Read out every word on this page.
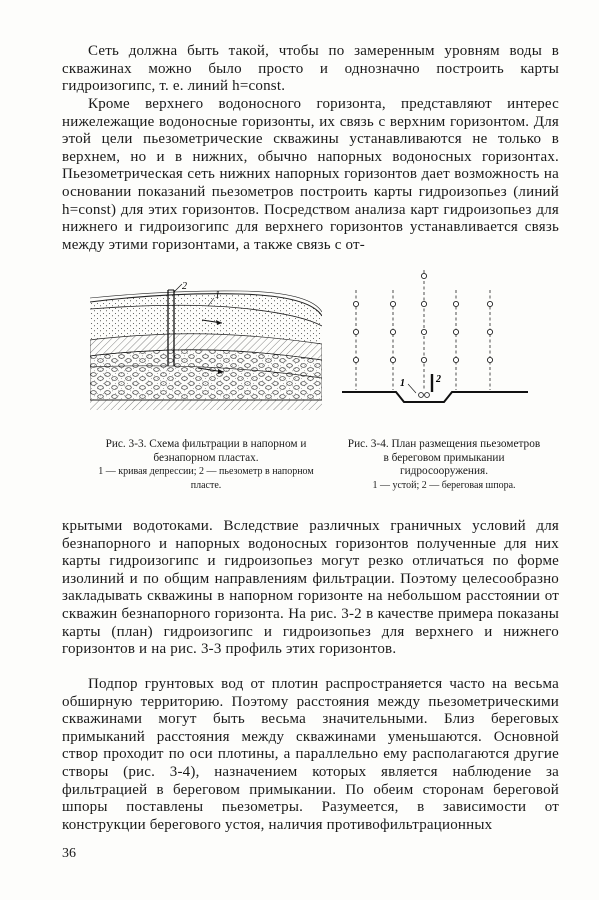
Сеть должна быть такой, чтобы по замеренным уровням воды в скважинах можно было просто и однозначно построить карты гидроизогипс, т. е. линий h=const.

Кроме верхнего водоносного горизонта, представляют интерес нижележащие водоносные горизонты, их связь с верхним горизонтом. Для этой цели пьезометрические скважины устанавливаются не только в верхнем, но и в нижних, обычно напорных водоносных горизонтах. Пьезометрическая сеть нижних напорных горизонтов дает возможность на основании показаний пьезометров построить карты гидроизопьез (линий h=const) для этих горизонтов. Посредством анализа карт гидроизопьез для нижнего и гидроизогипс для верхнего горизонтов устанавливается связь между этими горизонтами, а также связь с от-

2
1
1	2
Рис. 3-3. Схема фильтрации в напорном и безнапорном пластах.
1 — кривая депрессии; 2 — пьезометр в напорном пласте.
Рис. 3-4. План размещения пьезометров в береговом примыкании гидросооружения.
1 — устой; 2 — береговая шпора.

крытыми водотоками. Вследствие различных граничных условий для безнапорного и напорных водоносных горизонтов полученные для них карты гидроизогипс и гидроизопьез могут резко отличаться по форме изолиний и по общим направлениям фильтрации. Поэтому целесообразно закладывать скважины в напорном горизонте на небольшом расстоянии от скважин безнапорного горизонта. На рис. 3-2 в качестве примера показаны карты (план) гидроизогипс и гидроизопьез для верхнего и нижнего горизонтов и на рис. 3-3 профиль этих горизонтов.

Подпор грунтовых вод от плотин распространяется часто на весьма обширную территорию. Поэтому расстояния между пьезометрическими скважинами могут быть весьма значительными. Близ береговых примыканий расстояния между скважинами уменьшаются. Основной створ проходит по оси плотины, а параллельно ему располагаются другие створы (рис. 3-4), назначением которых является наблюдение за фильтрацией в береговом примыкании. По обеим сторонам береговой шпоры поставлены пьезометры. Разумеется, в зависимости от конструкции берегового устоя, наличия противофильтрационных

36
